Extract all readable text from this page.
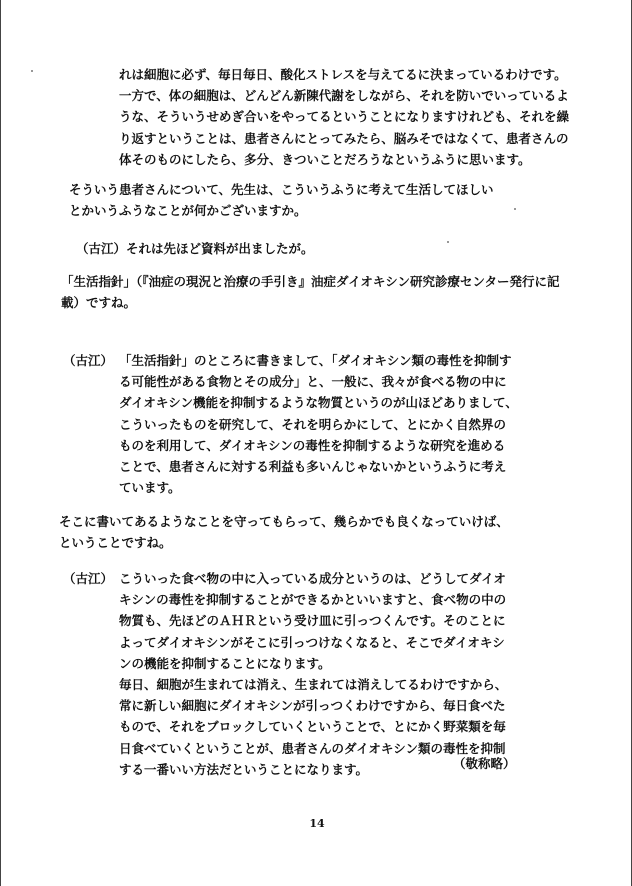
れは細胞に必ず、毎日毎日、酸化ストレスを与えてるに決まっているわけです。
一方で、体の細胞は、どんどん新陳代謝をしながら、それを防いでいっているよ
うな、そういうせめぎ合いをやってるということになりますけれども、それを繰
り返すということは、患者さんにとってみたら、脳みそではなくて、患者さんの
体そのものにしたら、多分、きついことだろうなというふうに思います。
そういう患者さんについて、先生は、こういうふうに考えて生活してほしい
とかいうふうなことが何かございますか。
（古江）それは先ほど資料が出ましたが。
「生活指針」（『油症の現況と治療の手引き』油症ダイオキシン研究診療センター発行に記
載）ですね。
（古江） 「生活指針」のところに書きまして、「ダイオキシン類の毒性を抑制す
る可能性がある食物とその成分」と、一般に、我々が食べる物の中に
ダイオキシン機能を抑制するような物質というのが山ほどありまして、
こういったものを研究して、それを明らかにして、とにかく自然界の
ものを利用して、ダイオキシンの毒性を抑制するような研究を進める
ことで、患者さんに対する利益も多いんじゃないかというふうに考え
ています。
そこに書いてあるようなことを守ってもらって、幾らかでも良くなっていけば、
ということですね。
（古江） こういった食べ物の中に入っている成分というのは、どうしてダイオ
キシンの毒性を抑制することができるかといいますと、食べ物の中の
物質も、先ほどのＡＨＲという受け皿に引っつくんです。そのことに
よってダイオキシンがそこに引っつけなくなると、そこでダイオキシ
ンの機能を抑制することになります。
毎日、細胞が生まれては消え、生まれては消えしてるわけですから、
常に新しい細胞にダイオキシンが引っつくわけですから、毎日食べた
もので、それをブロックしていくということで、とにかく野菜類を毎
日食べていくということが、患者さんのダイオキシン類の毒性を抑制
する一番いい方法だということになります。	（敬称略）
14
